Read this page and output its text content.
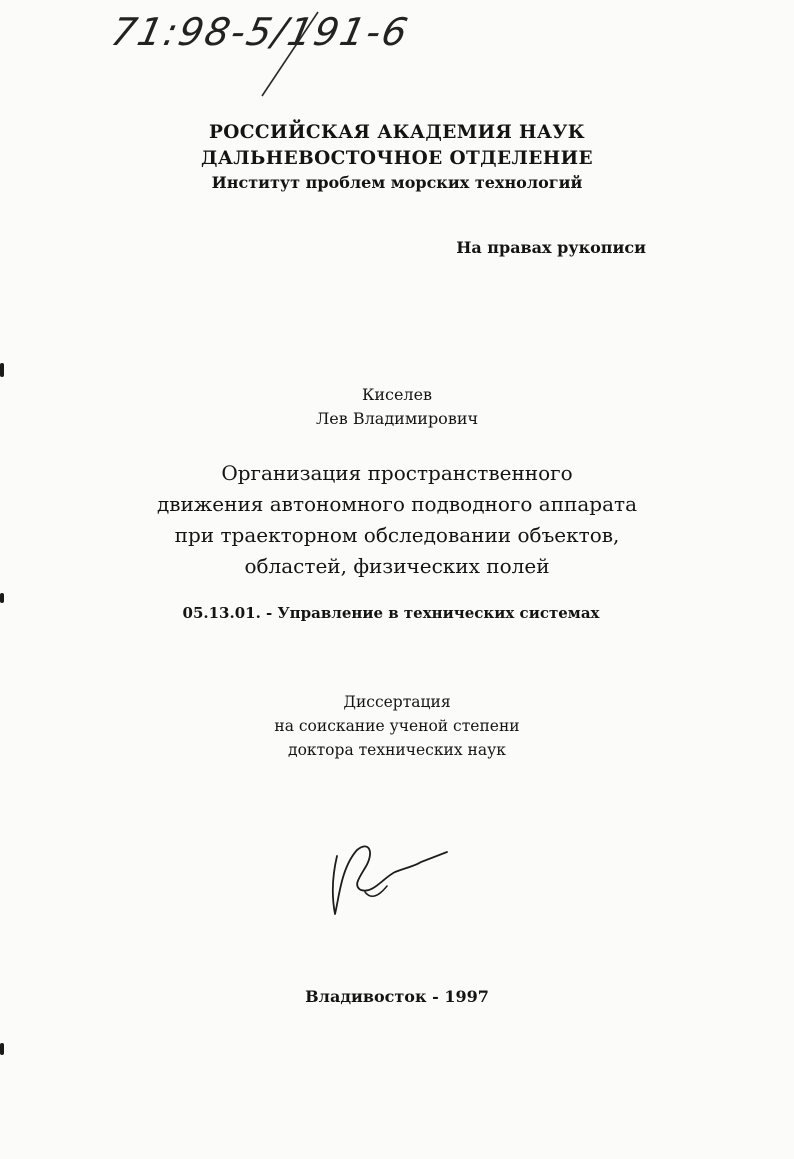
71:98-5/191-6
РОССИЙСКАЯ АКАДЕМИЯ НАУК
ДАЛЬНЕВОСТОЧНОЕ ОТДЕЛЕНИЕ
Институт проблем морских технологий
На правах рукописи
Киселев
Лев Владимирович
Организация пространственного
движения автономного подводного аппарата
при траекторном обследовании объектов,
областей, физических полей
05.13.01. - Управление в технических системах
Диссертация
на соискание ученой степени
доктора технических наук
Владивосток - 1997
